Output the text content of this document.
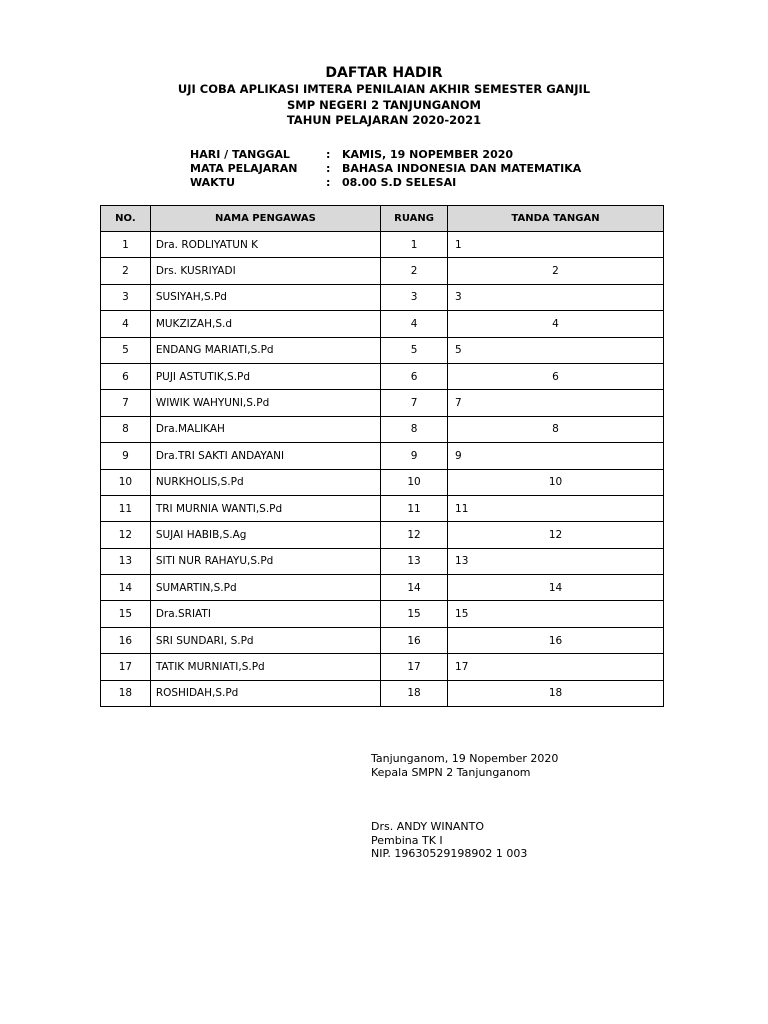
DAFTAR HADIR
UJI COBA APLIKASI IMTERA PENILAIAN AKHIR SEMESTER GANJIL
SMP NEGERI 2 TANJUNGANOM
TAHUN PELAJARAN 2020-2021
HARI / TANGGAL	:	KAMIS, 19 NOPEMBER 2020
MATA PELAJARAN	:	BAHASA INDONESIA DAN MATEMATIKA
WAKTU	:	08.00 S.D SELESAI
NO.	NAMA PENGAWAS	RUANG	TANDA TANGAN
1	Dra. RODLIYATUN K	1	1
2	Drs. KUSRIYADI	2	2
3	SUSIYAH,S.Pd	3	3
4	MUKZIZAH,S.d	4	4
5	ENDANG MARIATI,S.Pd	5	5
6	PUJI ASTUTIK,S.Pd	6	6
7	WIWIK WAHYUNI,S.Pd	7	7
8	Dra.MALIKAH	8	8
9	Dra.TRI SAKTI ANDAYANI	9	9
10	NURKHOLIS,S.Pd	10	10
11	TRI MURNIA WANTI,S.Pd	11	11
12	SUJAI HABIB,S.Ag	12	12
13	SITI NUR RAHAYU,S.Pd	13	13
14	SUMARTIN,S.Pd	14	14
15	Dra.SRIATI	15	15
16	SRI SUNDARI, S.Pd	16	16
17	TATIK MURNIATI,S.Pd	17	17
18	ROSHIDAH,S.Pd	18	18
Tanjunganom, 19 Nopember 2020
Kepala SMPN 2 Tanjunganom
Drs. ANDY WINANTO
Pembina TK I
NIP. 19630529198902 1 003
